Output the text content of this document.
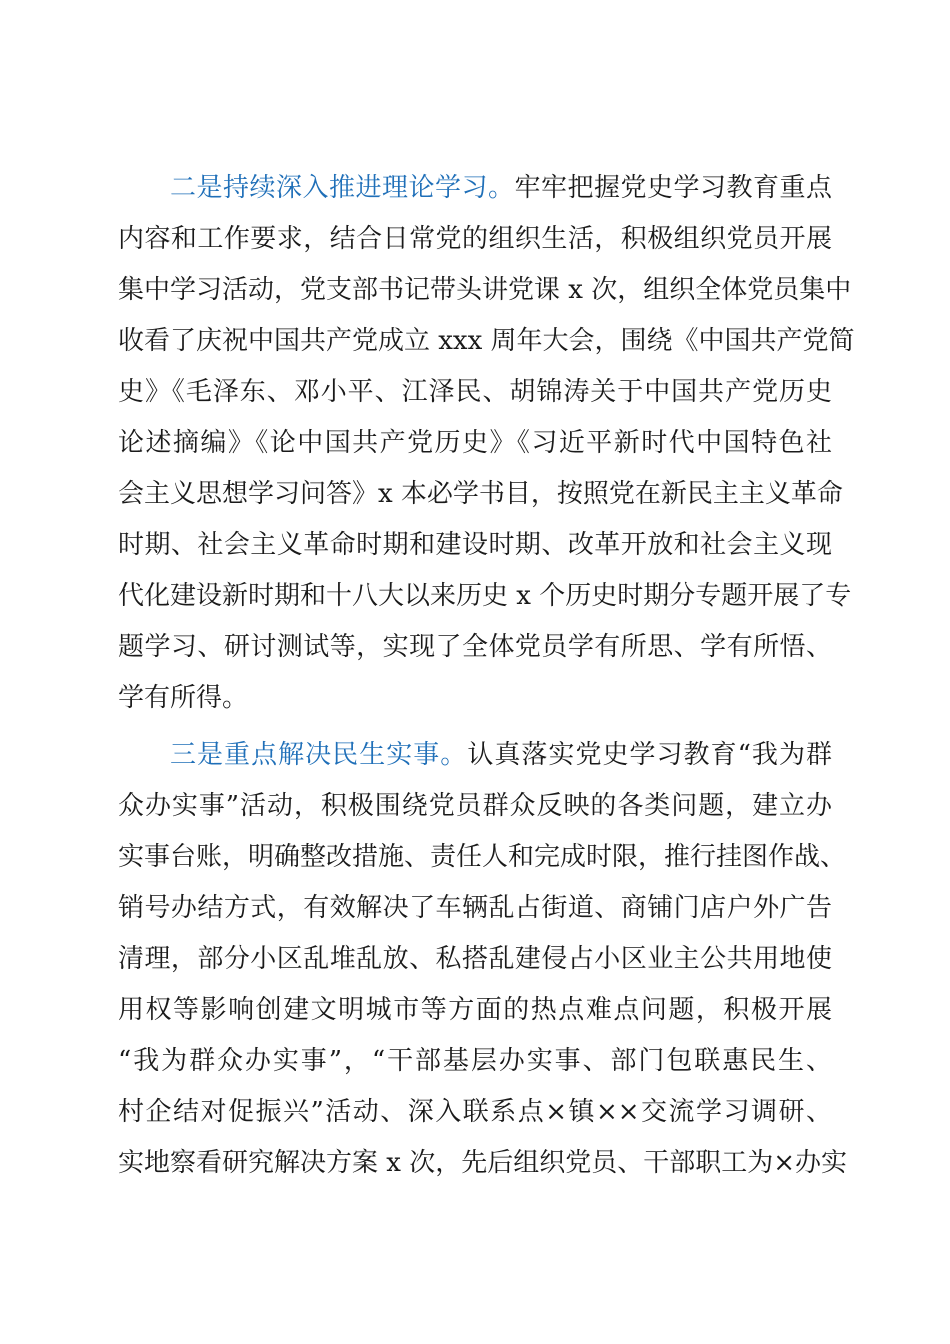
二是持续深入推进理论学习。牢牢把握党史学习教育重点
内容和工作要求，结合日常党的组织生活，积极组织党员开展
集中学习活动，党支部书记带头讲党课 x 次，组织全体党员集中
收看了庆祝中国共产党成立 xxx 周年大会，围绕《中国共产党简
史》《毛泽东、邓小平、江泽民、胡锦涛关于中国共产党历史
论述摘编》《论中国共产党历史》《习近平新时代中国特色社
会主义思想学习问答》x 本必学书目，按照党在新民主主义革命
时期、社会主义革命时期和建设时期、改革开放和社会主义现
代化建设新时期和十八大以来历史 x 个历史时期分专题开展了专
题学习、研讨测试等，实现了全体党员学有所思、学有所悟、
学有所得。
三是重点解决民生实事。认真落实党史学习教育“我为群
众办实事”活动，积极围绕党员群众反映的各类问题，建立办
实事台账，明确整改措施、责任人和完成时限，推行挂图作战、
销号办结方式，有效解决了车辆乱占街道、商铺门店户外广告
清理，部分小区乱堆乱放、私搭乱建侵占小区业主公共用地使
用权等影响创建文明城市等方面的热点难点问题，积极开展
“我为群众办实事”，“干部基层办实事、部门包联惠民生、
村企结对促振兴”活动、深入联系点×镇××交流学习调研、
实地察看研究解决方案 x 次，先后组织党员、干部职工为×办实
